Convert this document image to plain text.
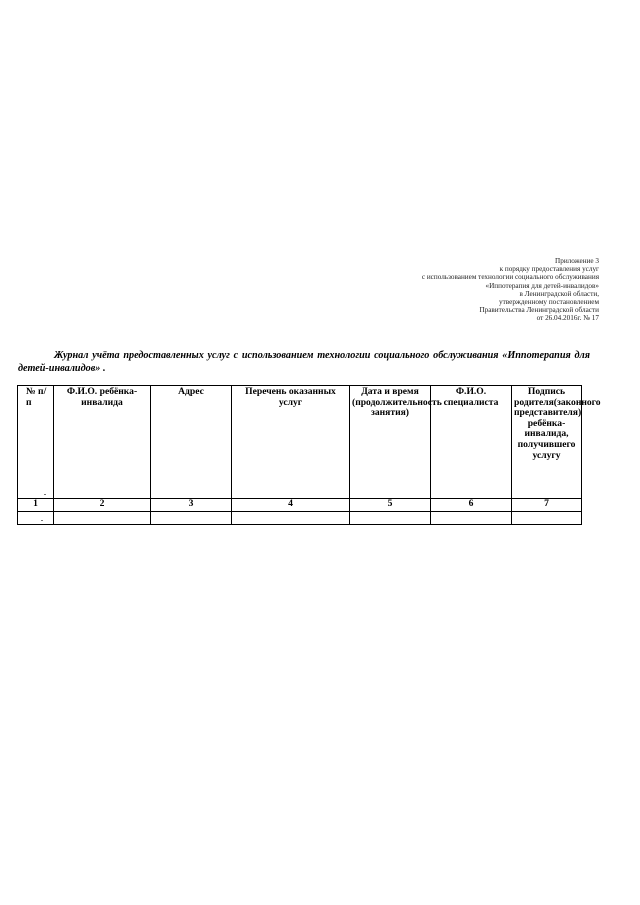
Приложение 3
к порядку предоставления услуг
с использованием технологии социального обслуживания
«Иппотерапия для детей-инвалидов»
в Ленинградской области,
утвержденному постановлением
Правительства Ленинградской области
от 26.04.2016г. № 17
Журнал учёта предоставленных услуг с использованием технологии социального обслуживания «Иппотерапия для детей-инвалидов» .
№ п/п	Ф.И.О. ребёнка-инвалида	Адрес	Перечень оказанных услуг	Дата и время (продолжительность занятия)	Ф.И.О. специалиста	Подпись родителя(законного представителя) ребёнка-инвалида, получившего услугу
1	2	3	4	5	6	7
